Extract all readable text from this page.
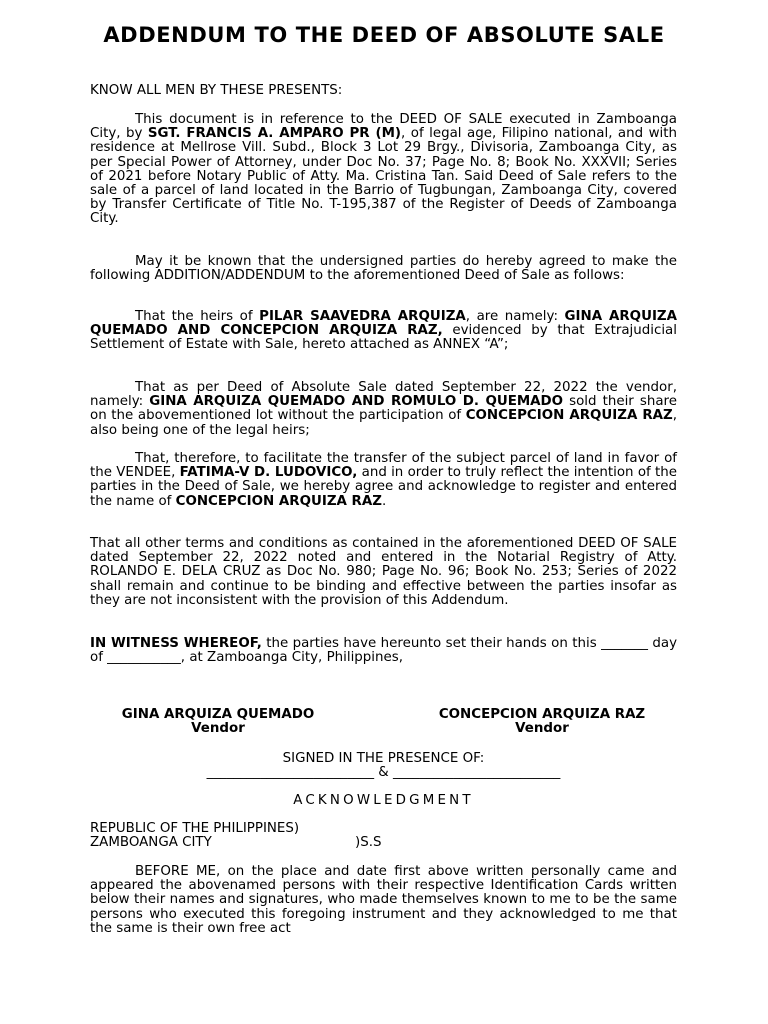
ADDENDUM TO THE DEED OF ABSOLUTE SALE

KNOW ALL MEN BY THESE PRESENTS:

This document is in reference to the DEED OF SALE executed in Zamboanga City, by SGT. FRANCIS A. AMPARO PR (M), of legal age, Filipino national, and with residence at Mellrose Vill. Subd., Block 3 Lot 29 Brgy., Divisoria, Zamboanga City, as per Special Power of Attorney, under Doc No. 37; Page No. 8; Book No. XXXVII; Series of 2021 before Notary Public of Atty. Ma. Cristina Tan. Said Deed of Sale refers to the sale of a parcel of land located in the Barrio of Tugbungan, Zamboanga City, covered by Transfer Certificate of Title No. T-195,387 of the Register of Deeds of Zamboanga City.

May it be known that the undersigned parties do hereby agreed to make the following ADDITION/ADDENDUM to the aforementioned Deed of Sale as follows:

That the heirs of PILAR SAAVEDRA ARQUIZA, are namely: GINA ARQUIZA QUEMADO AND CONCEPCION ARQUIZA RAZ, evidenced by that Extrajudicial Settlement of Estate with Sale, hereto attached as ANNEX “A”;

That as per Deed of Absolute Sale dated September 22, 2022 the vendor, namely: GINA ARQUIZA QUEMADO AND ROMULO D. QUEMADO sold their share on the abovementioned lot without the participation of CONCEPCION ARQUIZA RAZ, also being one of the legal heirs;

That, therefore, to facilitate the transfer of the subject parcel of land in favor of the VENDEE, FATIMA-V D. LUDOVICO, and in order to truly reflect the intention of the parties in the Deed of Sale, we hereby agree and acknowledge to register and entered the name of CONCEPCION ARQUIZA RAZ.

That all other terms and conditions as contained in the aforementioned DEED OF SALE dated September 22, 2022 noted and entered in the Notarial Registry of Atty. ROLANDO E. DELA CRUZ as Doc No. 980; Page No. 96; Book No. 253; Series of 2022 shall remain and continue to be binding and effective between the parties insofar as they are not inconsistent with the provision of this Addendum.

IN WITNESS WHEREOF, the parties have hereunto set their hands on this _______ day of ___________, at Zamboanga City, Philippines,

GINA ARQUIZA QUEMADO
Vendor
CONCEPCION ARQUIZA RAZ
Vendor

SIGNED IN THE PRESENCE OF:

_________________________ & _________________________

ACKNOWLEDGMENT

REPUBLIC OF THE PHILIPPINES)
ZAMBOANGA CITY	)S.S

BEFORE ME, on the place and date first above written personally came and appeared the abovenamed persons with their respective Identification Cards written below their names and signatures, who made themselves known to me to be the same persons who executed this foregoing instrument and they acknowledged to me that the same is their own free act
